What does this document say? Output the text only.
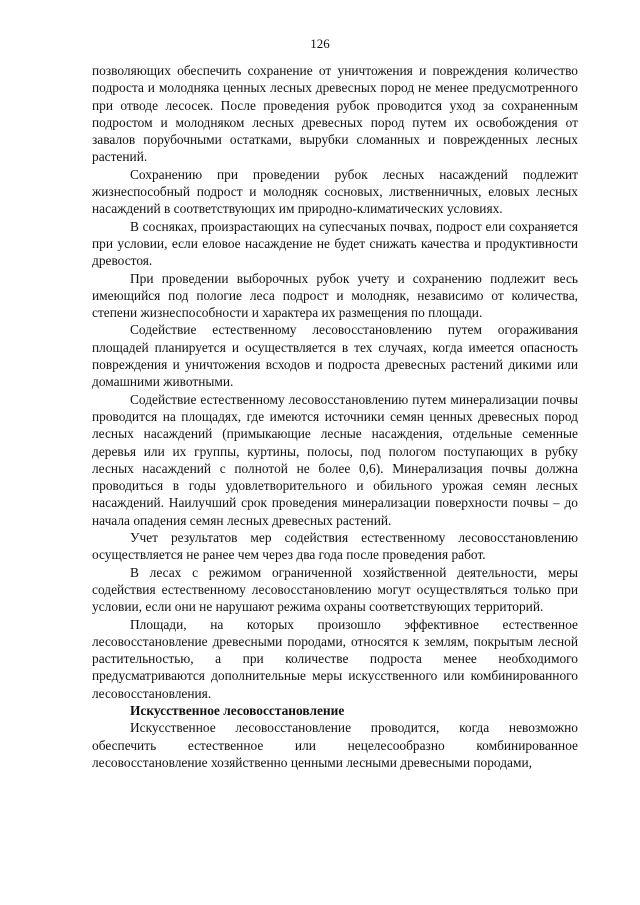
126

позволяющих обеспечить сохранение от уничтожения и повреждения количество подроста и молодняка ценных лесных древесных пород не менее предусмотренного при отводе лесосек. После проведения рубок проводится уход за сохраненным подростом и молодняком лесных древесных пород путем их освобождения от завалов порубочными остатками, вырубки сломанных и поврежденных лесных растений.

Сохранению при проведении рубок лесных насаждений подлежит жизнеспособный подрост и молодняк сосновых, лиственничных, еловых лесных насаждений в соответствующих им природно-климатических условиях.

В сосняках, произрастающих на супесчаных почвах, подрост ели сохраняется при условии, если еловое насаждение не будет снижать качества и продуктивности древостоя.

При проведении выборочных рубок учету и сохранению подлежит весь имеющийся под пологие леса подрост и молодняк, независимо от количества, степени жизнеспособности и характера их размещения по площади.

Содействие естественному лесовосстановлению путем огораживания площадей планируется и осуществляется в тех случаях, когда имеется опасность повреждения и уничтожения всходов и подроста древесных растений дикими или домашними животными.

Содействие естественному лесовосстановлению путем минерализации почвы проводится на площадях, где имеются источники семян ценных древесных пород лесных насаждений (примыкающие лесные насаждения, отдельные семенные деревья или их группы, куртины, полосы, под пологом поступающих в рубку лесных насаждений с полнотой не более 0,6). Минерализация почвы должна проводиться в годы удовлетворительного и обильного урожая семян лесных насаждений. Наилучший срок проведения минерализации поверхности почвы – до начала опадения семян лесных древесных растений.

Учет результатов мер содействия естественному лесовосстановлению осуществляется не ранее чем через два года после проведения работ.

В лесах с режимом ограниченной хозяйственной деятельности, меры содействия естественному лесовосстановлению могут осуществляться только при условии, если они не нарушают режима охраны соответствующих территорий.

Площади, на которых произошло эффективное естественное лесовосстановление древесными породами, относятся к землям, покрытым лесной растительностью, а при количестве подроста менее необходимого предусматриваются дополнительные меры искусственного или комбинированного лесовосстановления.

Искусственное лесовосстановление

Искусственное лесовосстановление проводится, когда невозможно обеспечить естественное или нецелесообразно комбинированное лесовосстановление хозяйственно ценными лесными древесными породами,
